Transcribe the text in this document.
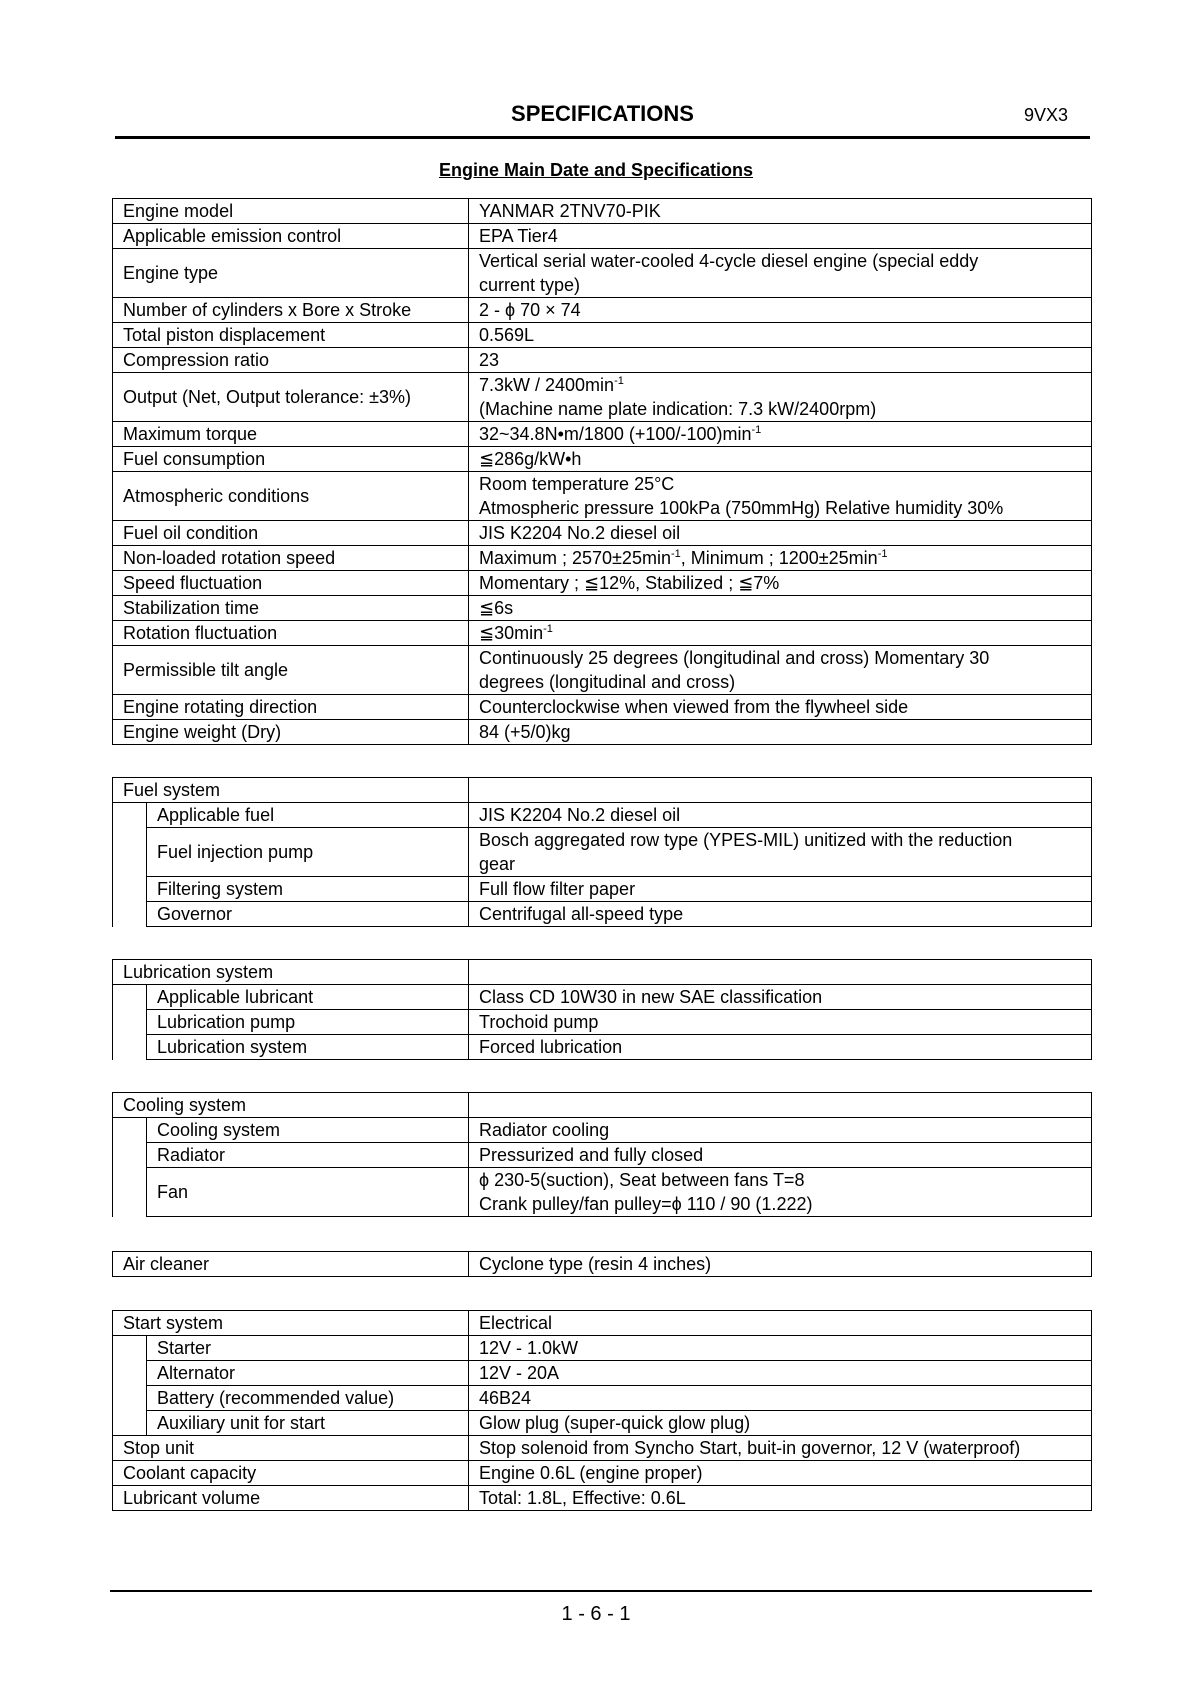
SPECIFICATIONS	9VX3
Engine Main Date and Specifications
Engine model	YANMAR 2TNV70-PIK
Applicable emission control	EPA Tier4
Engine type	Vertical serial water-cooled 4-cycle diesel engine (special eddy
current type)

Number of cylinders x Bore x Stroke	2 - ϕ 70 × 74
Total piston displacement	0.569L
Compression ratio	23
Output (Net, Output tolerance: ±3%)	$7.3kW / 2400\min^{-1}$
(Machine name plate indication: 7.3 kW/2400rpm)

Maximum torque	32~34.8N•m/1800 $(+100/-100)\min^{-1}$
Fuel consumption	≦286g/kW•h
Atmospheric conditions	Room temperature 25°C
Atmospheric pressure 100kPa (750mmHg) Relative humidity 30%

Fuel oil condition	JIS K2204 No.2 diesel oil
Non-loaded rotation speed	Maximum ; $2570\pm 25\min^{-1}$, Minimum ; $1200\pm 25\min^{-1}$
Speed fluctuation	Momentary ; ≦12%, Stabilized ; ≦7%
Stabilization time	≦6s
Rotation fluctuation	$≦30\min^{-1}$
Permissible tilt angle	Continuously 25 degrees (longitudinal and cross) Momentary 30
degrees (longitudinal and cross)

Engine rotating direction	Counterclockwise when viewed from the flywheel side
Engine weight (Dry)	84 (+5/0)kg
Fuel system		
	Applicable fuel	JIS K2204 No.2 diesel oil
	Fuel injection pump	Bosch aggregated row type (YPES-MIL) unitized with the reduction
gear

	Filtering system	Full flow filter paper
	Governor	Centrifugal all-speed type
Lubrication system		
	Applicable lubricant	Class CD 10W30 in new SAE classification
	Lubrication pump	Trochoid pump
	Lubrication system	Forced lubrication
Cooling system		
	Cooling system	Radiator cooling
	Radiator	Pressurized and fully closed
	Fan	ϕ 230-5(suction), Seat between fans T=8
Crank pulley/fan pulley=ϕ 110 / 90 (1.222)
Air cleaner	Cyclone type (resin 4 inches)
Start system		Electrical
	Starter	12V - 1.0kW
	Alternator	12V - 20A
	Battery (recommended value)	46B24
	Auxiliary unit for start	Glow plug (super-quick glow plug)
Stop unit		Stop solenoid from Syncho Start, buit-in governor, 12 V (waterproof)
Coolant capacity		Engine 0.6L (engine proper)
Lubricant volume		Total: 1.8L, Effective: 0.6L
1 - 6 - 1
